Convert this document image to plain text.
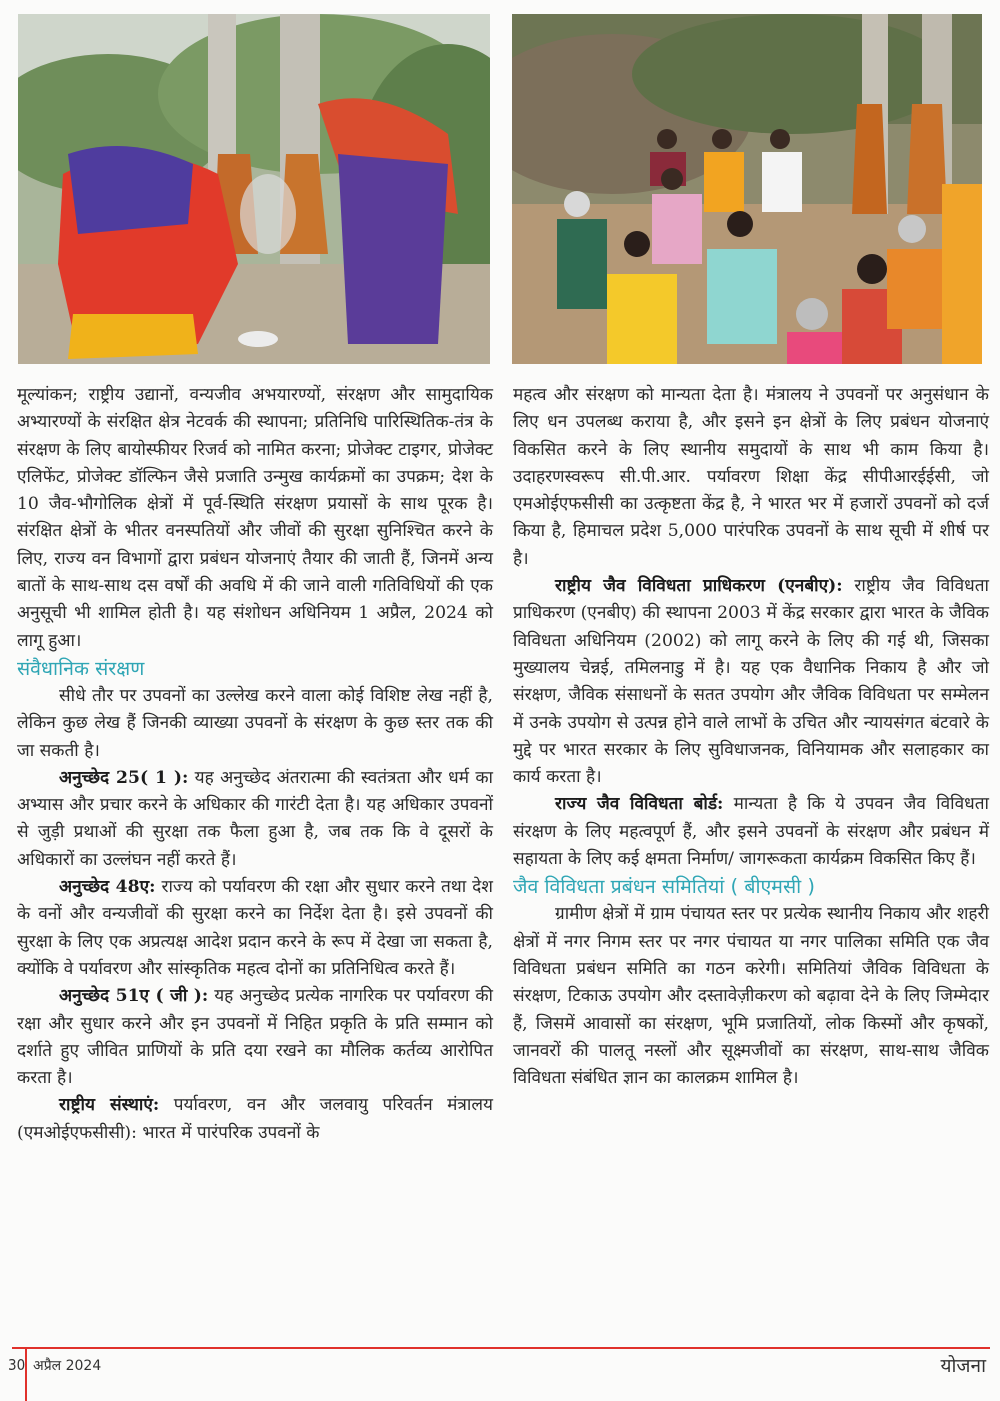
मूल्यांकन; राष्ट्रीय उद्यानों, वन्यजीव अभयारण्यों, संरक्षण और सामुदायिक अभ्यारण्यों के संरक्षित क्षेत्र नेटवर्क की स्थापना; प्रतिनिधि पारिस्थितिक-तंत्र के संरक्षण के लिए बायोस्फीयर रिजर्व को नामित करना; प्रोजेक्ट टाइगर, प्रोजेक्ट एलिफेंट, प्रोजेक्ट डॉल्फिन जैसे प्रजाति उन्मुख कार्यक्रमों का उपक्रम; देश के 10 जैव-भौगोलिक क्षेत्रों में पूर्व-स्थिति संरक्षण प्रयासों के साथ पूरक है। संरक्षित क्षेत्रों के भीतर वनस्पतियों और जीवों की सुरक्षा सुनिश्चित करने के लिए, राज्य वन विभागों द्वारा प्रबंधन योजनाएं तैयार की जाती हैं, जिनमें अन्य बातों के साथ-साथ दस वर्षों की अवधि में की जाने वाली गतिविधियों की एक अनुसूची भी शामिल होती है। यह संशोधन अधिनियम 1 अप्रैल, 2024 को लागू हुआ।

संवैधानिक संरक्षण

सीधे तौर पर उपवनों का उल्लेख करने वाला कोई विशिष्ट लेख नहीं है, लेकिन कुछ लेख हैं जिनकी व्याख्या उपवनों के संरक्षण के कुछ स्तर तक की जा सकती है।

अनुच्छेद 25( 1 ): यह अनुच्छेद अंतरात्मा की स्वतंत्रता और धर्म का अभ्यास और प्रचार करने के अधिकार की गारंटी देता है। यह अधिकार उपवनों से जुड़ी प्रथाओं की सुरक्षा तक फैला हुआ है, जब तक कि वे दूसरों के अधिकारों का उल्लंघन नहीं करते हैं।

अनुच्छेद 48ए: राज्य को पर्यावरण की रक्षा और सुधार करने तथा देश के वनों और वन्यजीवों की सुरक्षा करने का निर्देश देता है। इसे उपवनों की सुरक्षा के लिए एक अप्रत्यक्ष आदेश प्रदान करने के रूप में देखा जा सकता है, क्योंकि वे पर्यावरण और सांस्कृतिक महत्व दोनों का प्रतिनिधित्व करते हैं।

अनुच्छेद 51ए ( जी ): यह अनुच्छेद प्रत्येक नागरिक पर पर्यावरण की रक्षा और सुधार करने और इन उपवनों में निहित प्रकृति के प्रति सम्मान को दर्शाते हुए जीवित प्राणियों के प्रति दया रखने का मौलिक कर्तव्य आरोपित करता है।

राष्ट्रीय संस्थाएं: पर्यावरण, वन और जलवायु परिवर्तन मंत्रालय (एमओईएफसीसी): भारत में पारंपरिक उपवनों के

महत्व और संरक्षण को मान्यता देता है। मंत्रालय ने उपवनों पर अनुसंधान के लिए धन उपलब्ध कराया है, और इसने इन क्षेत्रों के लिए प्रबंधन योजनाएं विकसित करने के लिए स्थानीय समुदायों के साथ भी काम किया है। उदाहरणस्वरूप सी.पी.आर. पर्यावरण शिक्षा केंद्र सीपीआरईईसी, जो एमओईएफसीसी का उत्कृष्टता केंद्र है, ने भारत भर में हजारों उपवनों को दर्ज किया है, हिमाचल प्रदेश 5,000 पारंपरिक उपवनों के साथ सूची में शीर्ष पर है।

राष्ट्रीय जैव विविधता प्राधिकरण (एनबीए): राष्ट्रीय जैव विविधता प्राधिकरण (एनबीए) की स्थापना 2003 में केंद्र सरकार द्वारा भारत के जैविक विविधता अधिनियम (2002) को लागू करने के लिए की गई थी, जिसका मुख्यालय चेन्नई, तमिलनाडु में है। यह एक वैधानिक निकाय है और जो संरक्षण, जैविक संसाधनों के सतत उपयोग और जैविक विविधता पर सम्मेलन में उनके उपयोग से उत्पन्न होने वाले लाभों के उचित और न्यायसंगत बंटवारे के मुद्दे पर भारत सरकार के लिए सुविधाजनक, विनियामक और सलाहकार का कार्य करता है।

राज्य जैव विविधता बोर्ड: मान्यता है कि ये उपवन जैव विविधता संरक्षण के लिए महत्वपूर्ण हैं, और इसने उपवनों के संरक्षण और प्रबंधन में सहायता के लिए कई क्षमता निर्माण/ जागरूकता कार्यक्रम विकसित किए हैं।

जैव विविधता प्रबंधन समितियां ( बीएमसी )

ग्रामीण क्षेत्रों में ग्राम पंचायत स्तर पर प्रत्येक स्थानीय निकाय और शहरी क्षेत्रों में नगर निगम स्तर पर नगर पंचायत या नगर पालिका समिति एक जैव विविधता प्रबंधन समिति का गठन करेगी। समितियां जैविक विविधता के संरक्षण, टिकाऊ उपयोग और दस्तावेज़ीकरण को बढ़ावा देने के लिए जिम्मेदार हैं, जिसमें आवासों का संरक्षण, भूमि प्रजातियों, लोक किस्मों और कृषकों, जानवरों की पालतू नस्लों और सूक्ष्मजीवों का संरक्षण, साथ-साथ जैविक विविधता संबंधित ज्ञान का कालक्रम शामिल है।

30 अप्रैल 2024	योजना
